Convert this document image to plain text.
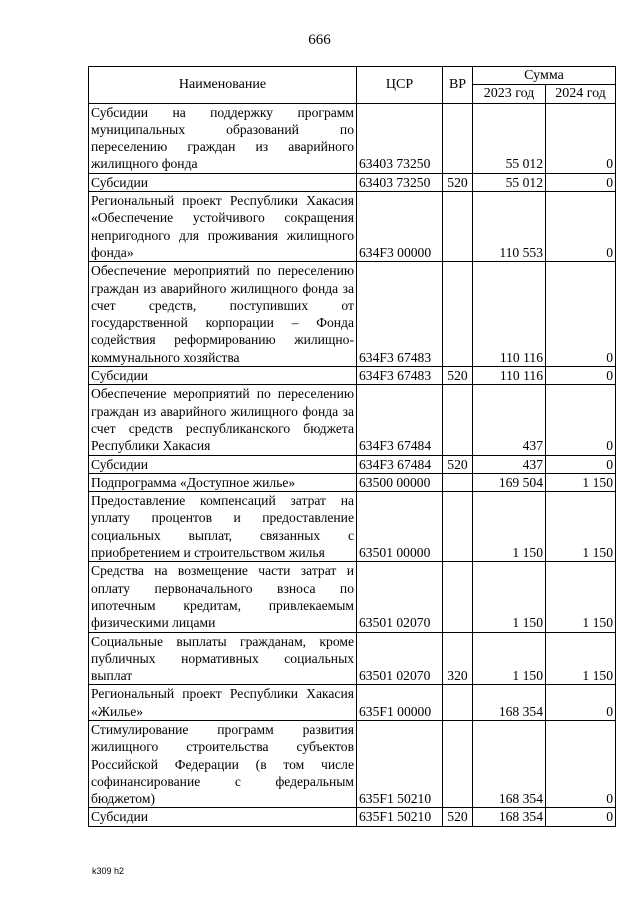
666
Наименование	ЦСР	ВР	Сумма	
			2023 год	2024 год
Субсидии на поддержку программ муниципальных образований по переселению граждан из аварийного жилищного фонда	63403 73250		55 012	0
Субсидии	63403 73250	520	55 012	0
Региональный проект Республики Хакасия «Обеспечение устойчивого сокращения непригодного для проживания жилищного фонда»	634F3 00000		110 553	0
Обеспечение мероприятий по переселению граждан из аварийного жилищного фонда за счет средств, поступивших от государственной корпорации – Фонда содействия реформированию жилищно-коммунального хозяйства	634F3 67483		110 116	0
Субсидии	634F3 67483	520	110 116	0
Обеспечение мероприятий по переселению граждан из аварийного жилищного фонда за счет средств республиканского бюджета Республики Хакасия	634F3 67484		437	0
Субсидии	634F3 67484	520	437	0
Подпрограмма «Доступное жилье»	63500 00000		169 504	1 150
Предоставление компенсаций затрат на уплату процентов и предоставление социальных выплат, связанных с приобретением и строительством жилья	63501 00000		1 150	1 150
Средства на возмещение части затрат и оплату первоначального взноса по ипотечным кредитам, привлекаемым физическими лицами	63501 02070		1 150	1 150
Социальные выплаты гражданам, кроме публичных нормативных социальных выплат	63501 02070	320	1 150	1 150
Региональный проект Республики Хакасия «Жилье»	635F1 00000		168 354	0
Стимулирование программ развития жилищного строительства субъектов Российской Федерации (в том числе софинансирование с федеральным бюджетом)	635F1 50210		168 354	0
Субсидии	635F1 50210	520	168 354	0
k309 h2
